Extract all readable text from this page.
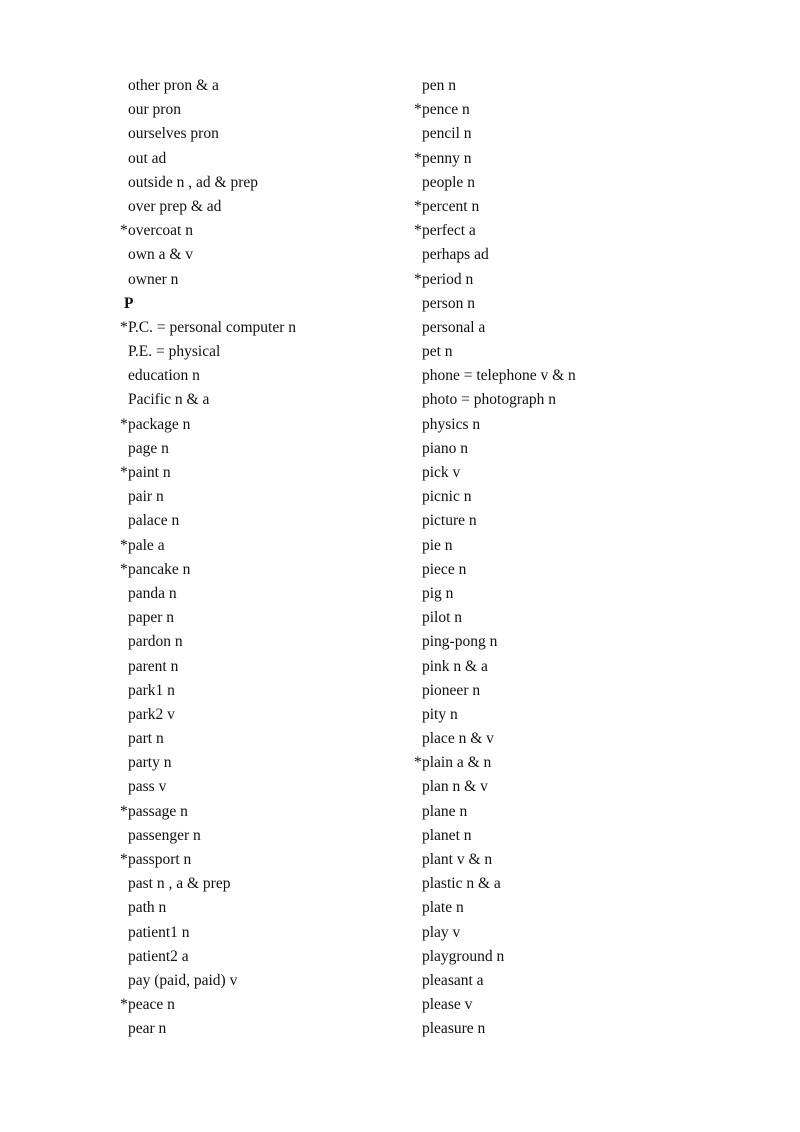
other pron & a
our pron
ourselves pron
out ad
outside n , ad & prep
over prep & ad
*overcoat n
own a & v
owner n
P
*P.C. = personal computer n
P.E. = physical
education n
Pacific n & a
*package n
page n
*paint n
pair n
palace n
*pale a
*pancake n
panda n
paper n
pardon n
parent n
park1 n
park2 v
part n
party n
pass v
*passage n
passenger n
*passport n
past n , a & prep
path n
patient1 n
patient2 a
pay (paid, paid) v
*peace n
pear n
pen n
*pence n
pencil n
*penny n
people n
*percent n
*perfect a
perhaps ad
*period n
person n
personal a
pet n
phone = telephone v & n
photo = photograph n
physics n
piano n
pick v
picnic n
picture n
pie n
piece n
pig n
pilot n
ping-pong n
pink n & a
pioneer n
pity n
place n & v
*plain a & n
plan n & v
plane n
planet n
plant v & n
plastic n & a
plate n
play v
playground n
pleasant a
please v
pleasure n
